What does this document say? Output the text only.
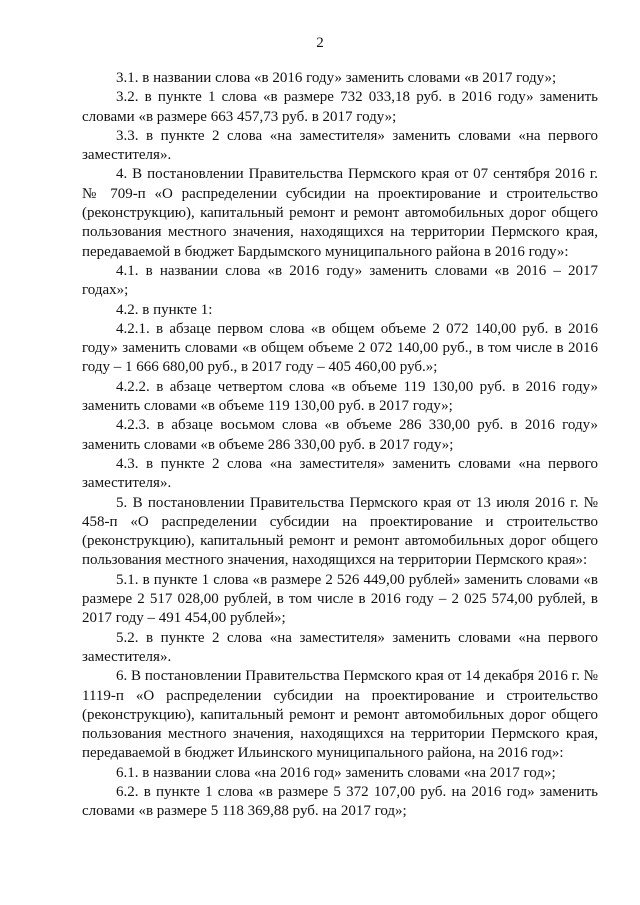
2

3.1. в названии слова «в 2016 году» заменить словами «в 2017 году»;

3.2. в пункте 1 слова «в размере 732 033,18 руб. в 2016 году» заменить словами «в размере 663 457,73 руб. в 2017 году»;

3.3. в пункте 2 слова «на заместителя» заменить словами «на первого заместителя».

4. В постановлении Правительства Пермского края от 07 сентября 2016 г. № 709-п «О распределении субсидии на проектирование и строительство (реконструкцию), капитальный ремонт и ремонт автомобильных дорог общего пользования местного значения, находящихся на территории Пермского края, передаваемой в бюджет Бардымского муниципального района в 2016 году»:

4.1. в названии слова «в 2016 году» заменить словами «в 2016 – 2017 годах»;

4.2. в пункте 1:

4.2.1. в абзаце первом слова «в общем объеме 2 072 140,00 руб. в 2016 году» заменить словами «в общем объеме 2 072 140,00 руб., в том числе в 2016 году – 1 666 680,00 руб., в 2017 году – 405 460,00 руб.»;

4.2.2. в абзаце четвертом слова «в объеме 119 130,00 руб. в 2016 году» заменить словами «в объеме 119 130,00 руб. в 2017 году»;

4.2.3. в абзаце восьмом слова «в объеме 286 330,00 руб. в 2016 году» заменить словами «в объеме 286 330,00 руб. в 2017 году»;

4.3. в пункте 2 слова «на заместителя» заменить словами «на первого заместителя».

5. В постановлении Правительства Пермского края от 13 июля 2016 г. № 458-п «О распределении субсидии на проектирование и строительство (реконструкцию), капитальный ремонт и ремонт автомобильных дорог общего пользования местного значения, находящихся на территории Пермского края»:

5.1. в пункте 1 слова «в размере 2 526 449,00 рублей» заменить словами «в размере 2 517 028,00 рублей, в том числе в 2016 году – 2 025 574,00 рублей, в 2017 году – 491 454,00 рублей»;

5.2. в пункте 2 слова «на заместителя» заменить словами «на первого заместителя».

6. В постановлении Правительства Пермского края от 14 декабря 2016 г. № 1119-п «О распределении субсидии на проектирование и строительство (реконструкцию), капитальный ремонт и ремонт автомобильных дорог общего пользования местного значения, находящихся на территории Пермского края, передаваемой в бюджет Ильинского муниципального района, на 2016 год»:

6.1. в названии слова «на 2016 год» заменить словами «на 2017 год»;

6.2. в пункте 1 слова «в размере 5 372 107,00 руб. на 2016 год» заменить словами «в размере 5 118 369,88 руб. на 2017 год»;
